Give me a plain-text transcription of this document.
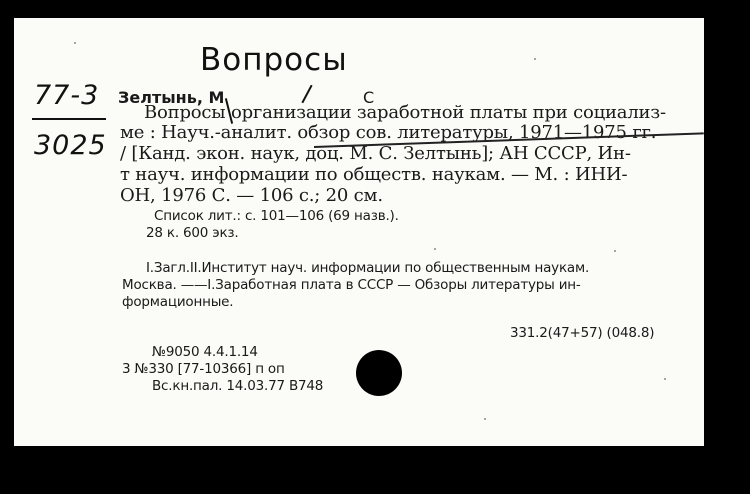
Вопросы
77-3
3025
Зелтынь, М	С
Вопросы организации заработной платы при социализ-
ме : Науч.-аналит. обзор сов. литературы, 1971—1975 гг.
/ [Канд. экон. наук, доц. М. С. Зелтынь]; АН СССР, Ин-
т науч. информации по обществ. наукам. — М. : ИНИ-
ОН, 1976 С. — 106 с.; 20 см.
Список лит.: с. 101—106 (69 назв.).
28 к. 600 экз.
I.Загл.II.Институт науч. информации по общественным наукам.
Москва. ——I.Заработная плата в СССР — Обзоры литературы ин-
формационные.
331.2(47+57) (048.8)
№9050 4.4.1.14
3 №330 [77-10366] п оп
Вс.кн.пал. 14.03.77 В748
